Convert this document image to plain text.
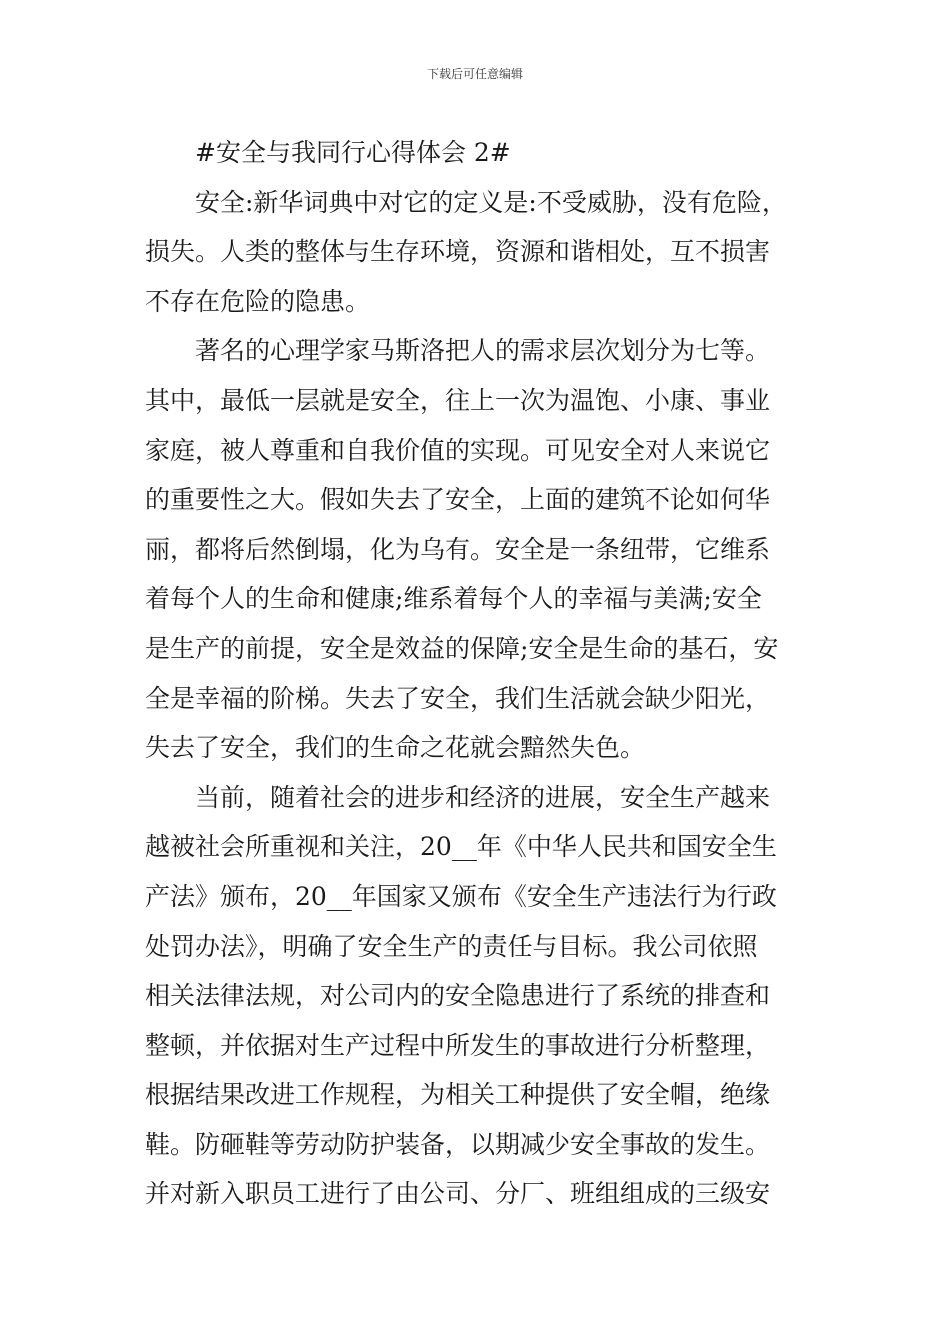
下载后可任意编辑
#安全与我同行心得体会 2#
安全:新华词典中对它的定义是:不受威胁，没有危险，
损失。人类的整体与生存环境，资源和谐相处，互不损害
不存在危险的隐患。
著名的心理学家马斯洛把人的需求层次划分为七等。
其中，最低一层就是安全，往上一次为温饱、小康、事业
家庭，被人尊重和自我价值的实现。可见安全对人来说它
的重要性之大。假如失去了安全，上面的建筑不论如何华
丽，都将后然倒塌，化为乌有。安全是一条纽带，它维系
着每个人的生命和健康;维系着每个人的幸福与美满;安全
是生产的前提，安全是效益的保障;安全是生命的基石，安
全是幸福的阶梯。失去了安全，我们生活就会缺少阳光，
失去了安全，我们的生命之花就会黯然失色。
当前，随着社会的进步和经济的进展，安全生产越来
越被社会所重视和关注，20__年《中华人民共和国安全生
产法》颁布，20__年国家又颁布《安全生产违法行为行政
处罚办法》，明确了安全生产的责任与目标。我公司依照
相关法律法规，对公司内的安全隐患进行了系统的排查和
整顿，并依据对生产过程中所发生的事故进行分析整理，
根据结果改进工作规程，为相关工种提供了安全帽，绝缘
鞋。防砸鞋等劳动防护装备，以期减少安全事故的发生。
并对新入职员工进行了由公司、分厂、班组组成的三级安
